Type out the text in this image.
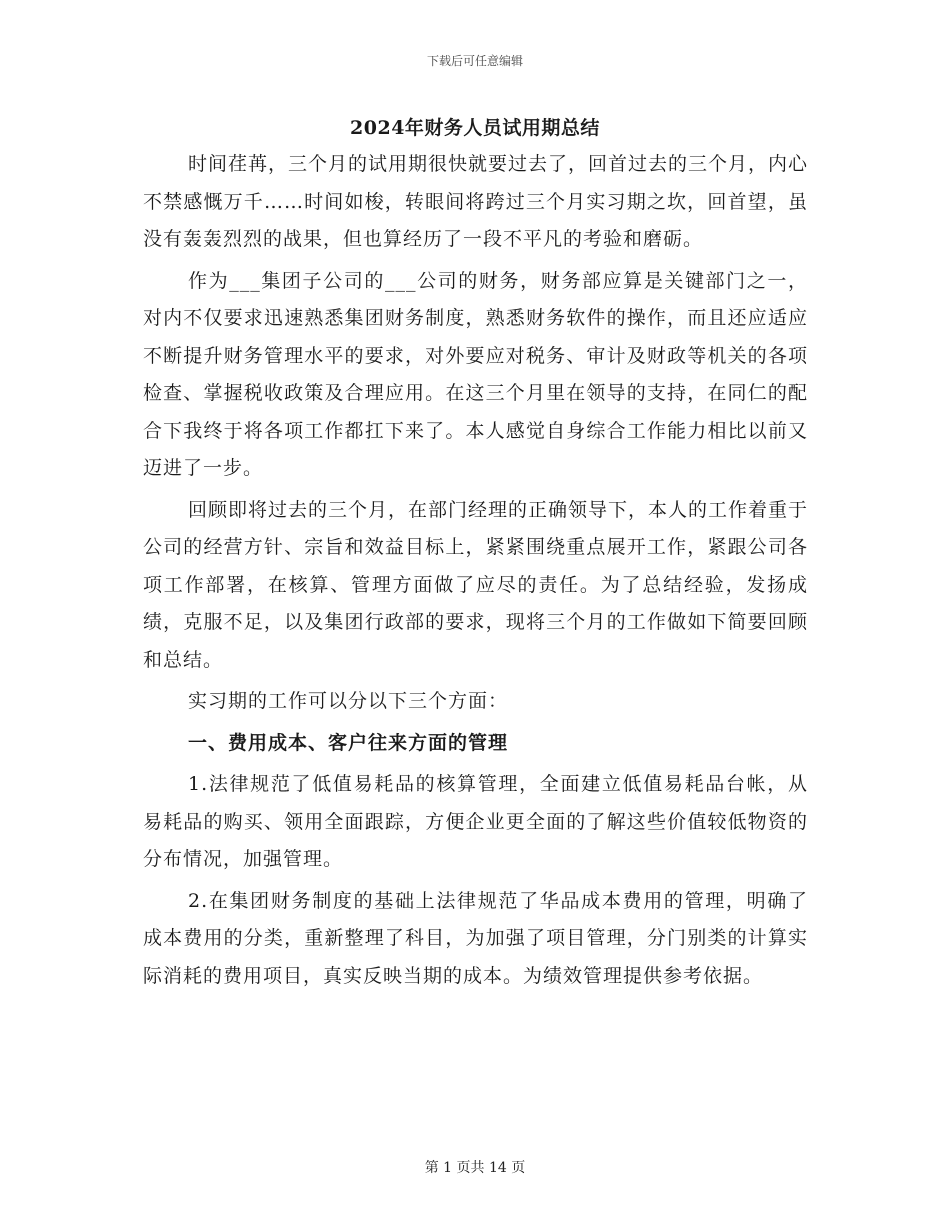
下载后可任意编辑
2024年财务人员试用期总结

时间荏苒，三个月的试用期很快就要过去了，回首过去的三个月，内心不禁感慨万千……时间如梭，转眼间将跨过三个月实习期之坎，回首望，虽没有轰轰烈烈的战果，但也算经历了一段不平凡的考验和磨砺。

作为___集团子公司的___公司的财务，财务部应算是关键部门之一，对内不仅要求迅速熟悉集团财务制度，熟悉财务软件的操作，而且还应适应不断提升财务管理水平的要求，对外要应对税务、审计及财政等机关的各项检查、掌握税收政策及合理应用。在这三个月里在领导的支持，在同仁的配合下我终于将各项工作都扛下来了。本人感觉自身综合工作能力相比以前又迈进了一步。

回顾即将过去的三个月，在部门经理的正确领导下，本人的工作着重于公司的经营方针、宗旨和效益目标上，紧紧围绕重点展开工作，紧跟公司各项工作部署，在核算、管理方面做了应尽的责任。为了总结经验，发扬成绩，克服不足，以及集团行政部的要求，现将三个月的工作做如下简要回顾和总结。

实习期的工作可以分以下三个方面：

一、费用成本、客户往来方面的管理

1.法律规范了低值易耗品的核算管理，全面建立低值易耗品台帐，从易耗品的购买、领用全面跟踪，方便企业更全面的了解这些价值较低物资的分布情况，加强管理。

2.在集团财务制度的基础上法律规范了华品成本费用的管理，明确了成本费用的分类，重新整理了科目，为加强了项目管理，分门别类的计算实际消耗的费用项目，真实反映当期的成本。为绩效管理提供参考依据。

第 1 页共 14 页
